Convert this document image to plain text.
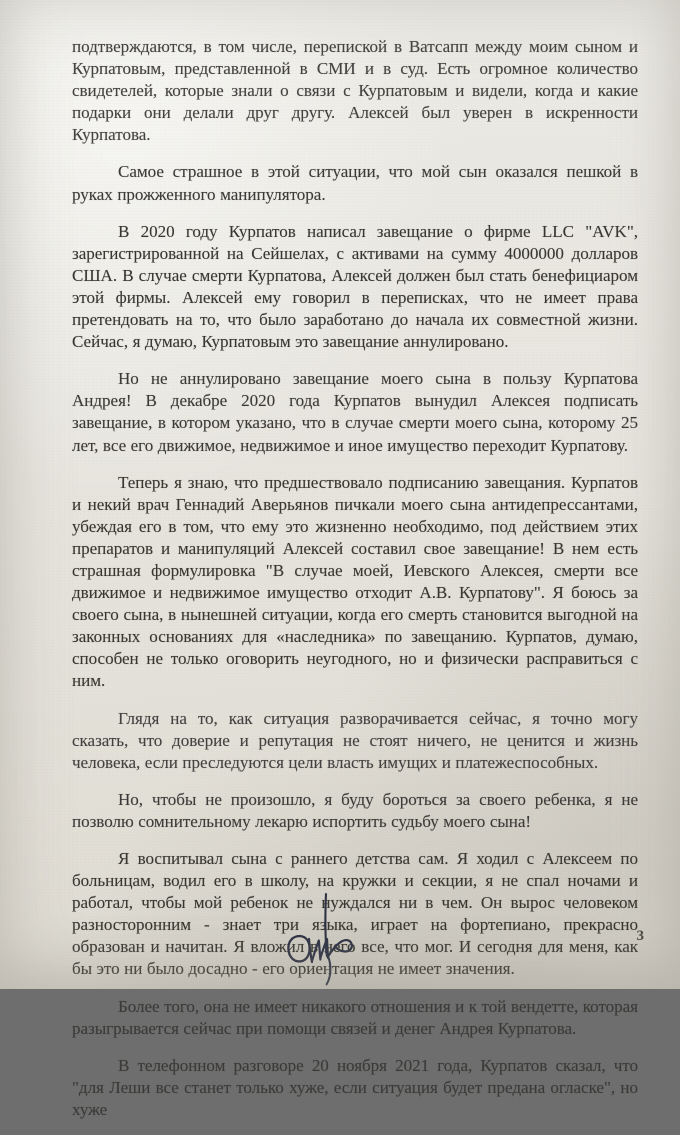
подтверждаются, в том числе, перепиской в Ватсапп между моим сыном и Курпатовым, представленной в СМИ и в суд. Есть огромное количество свидетелей, которые знали о связи с Курпатовым и видели, когда и какие подарки они делали друг другу. Алексей был уверен в искренности Курпатова.

Самое страшное в этой ситуации, что мой сын оказался пешкой в руках прожженного манипулятора.

В 2020 году Курпатов написал завещание о фирме LLC "AVK", зарегистрированной на Сейшелах, с активами на сумму 4000000 долларов США. В случае смерти Курпатова, Алексей должен был стать бенефициаром этой фирмы. Алексей ему говорил в переписках, что не имеет права претендовать на то, что было заработано до начала их совместной жизни. Сейчас, я думаю, Курпатовым это завещание аннулировано.

Но не аннулировано завещание моего сына в пользу Курпатова Андрея! В декабре 2020 года Курпатов вынудил Алексея подписать завещание, в котором указано, что в случае смерти моего сына, которому 25 лет, все его движимое, недвижимое и иное имущество переходит Курпатову.

Теперь я знаю, что предшествовало подписанию завещания. Курпатов и некий врач Геннадий Аверьянов пичкали моего сына антидепрессантами, убеждая его в том, что ему это жизненно необходимо, под действием этих препаратов и манипуляций Алексей составил свое завещание! В нем есть страшная формулировка "В случае моей, Иевского Алексея, смерти все движимое и недвижимое имущество отходит А.В. Курпатову". Я боюсь за своего сына, в нынешней ситуации, когда его смерть становится выгодной на законных основаниях для «наследника» по завещанию. Курпатов, думаю, способен не только оговорить неугодного, но и физически расправиться с ним.

Глядя на то, как ситуация разворачивается сейчас, я точно могу сказать, что доверие и репутация не стоят ничего, не ценится и жизнь человека, если преследуются цели власть имущих и платежеспособных.

Но, чтобы не произошло, я буду бороться за своего ребенка, я не позволю сомнительному лекарю испортить судьбу моего сына!

Я воспитывал сына с раннего детства сам. Я ходил с Алексеем по больницам, водил его в школу, на кружки и секции, я не спал ночами и работал, чтобы мой ребенок не нуждался ни в чем. Он вырос человеком разносторонним - знает три языка, играет на фортепиано, прекрасно образован и начитан. Я вложил в него все, что мог. И сегодня для меня, как бы это ни было досадно - его ориентация не имеет значения.

Более того, она не имеет никакого отношения и к той вендетте, которая разыгрывается сейчас при помощи связей и денег Андрея Курпатова.

В телефонном разговоре 20 ноября 2021 года, Курпатов сказал, что "для Леши все станет только хуже, если ситуация будет предана огласке", но хуже

3
